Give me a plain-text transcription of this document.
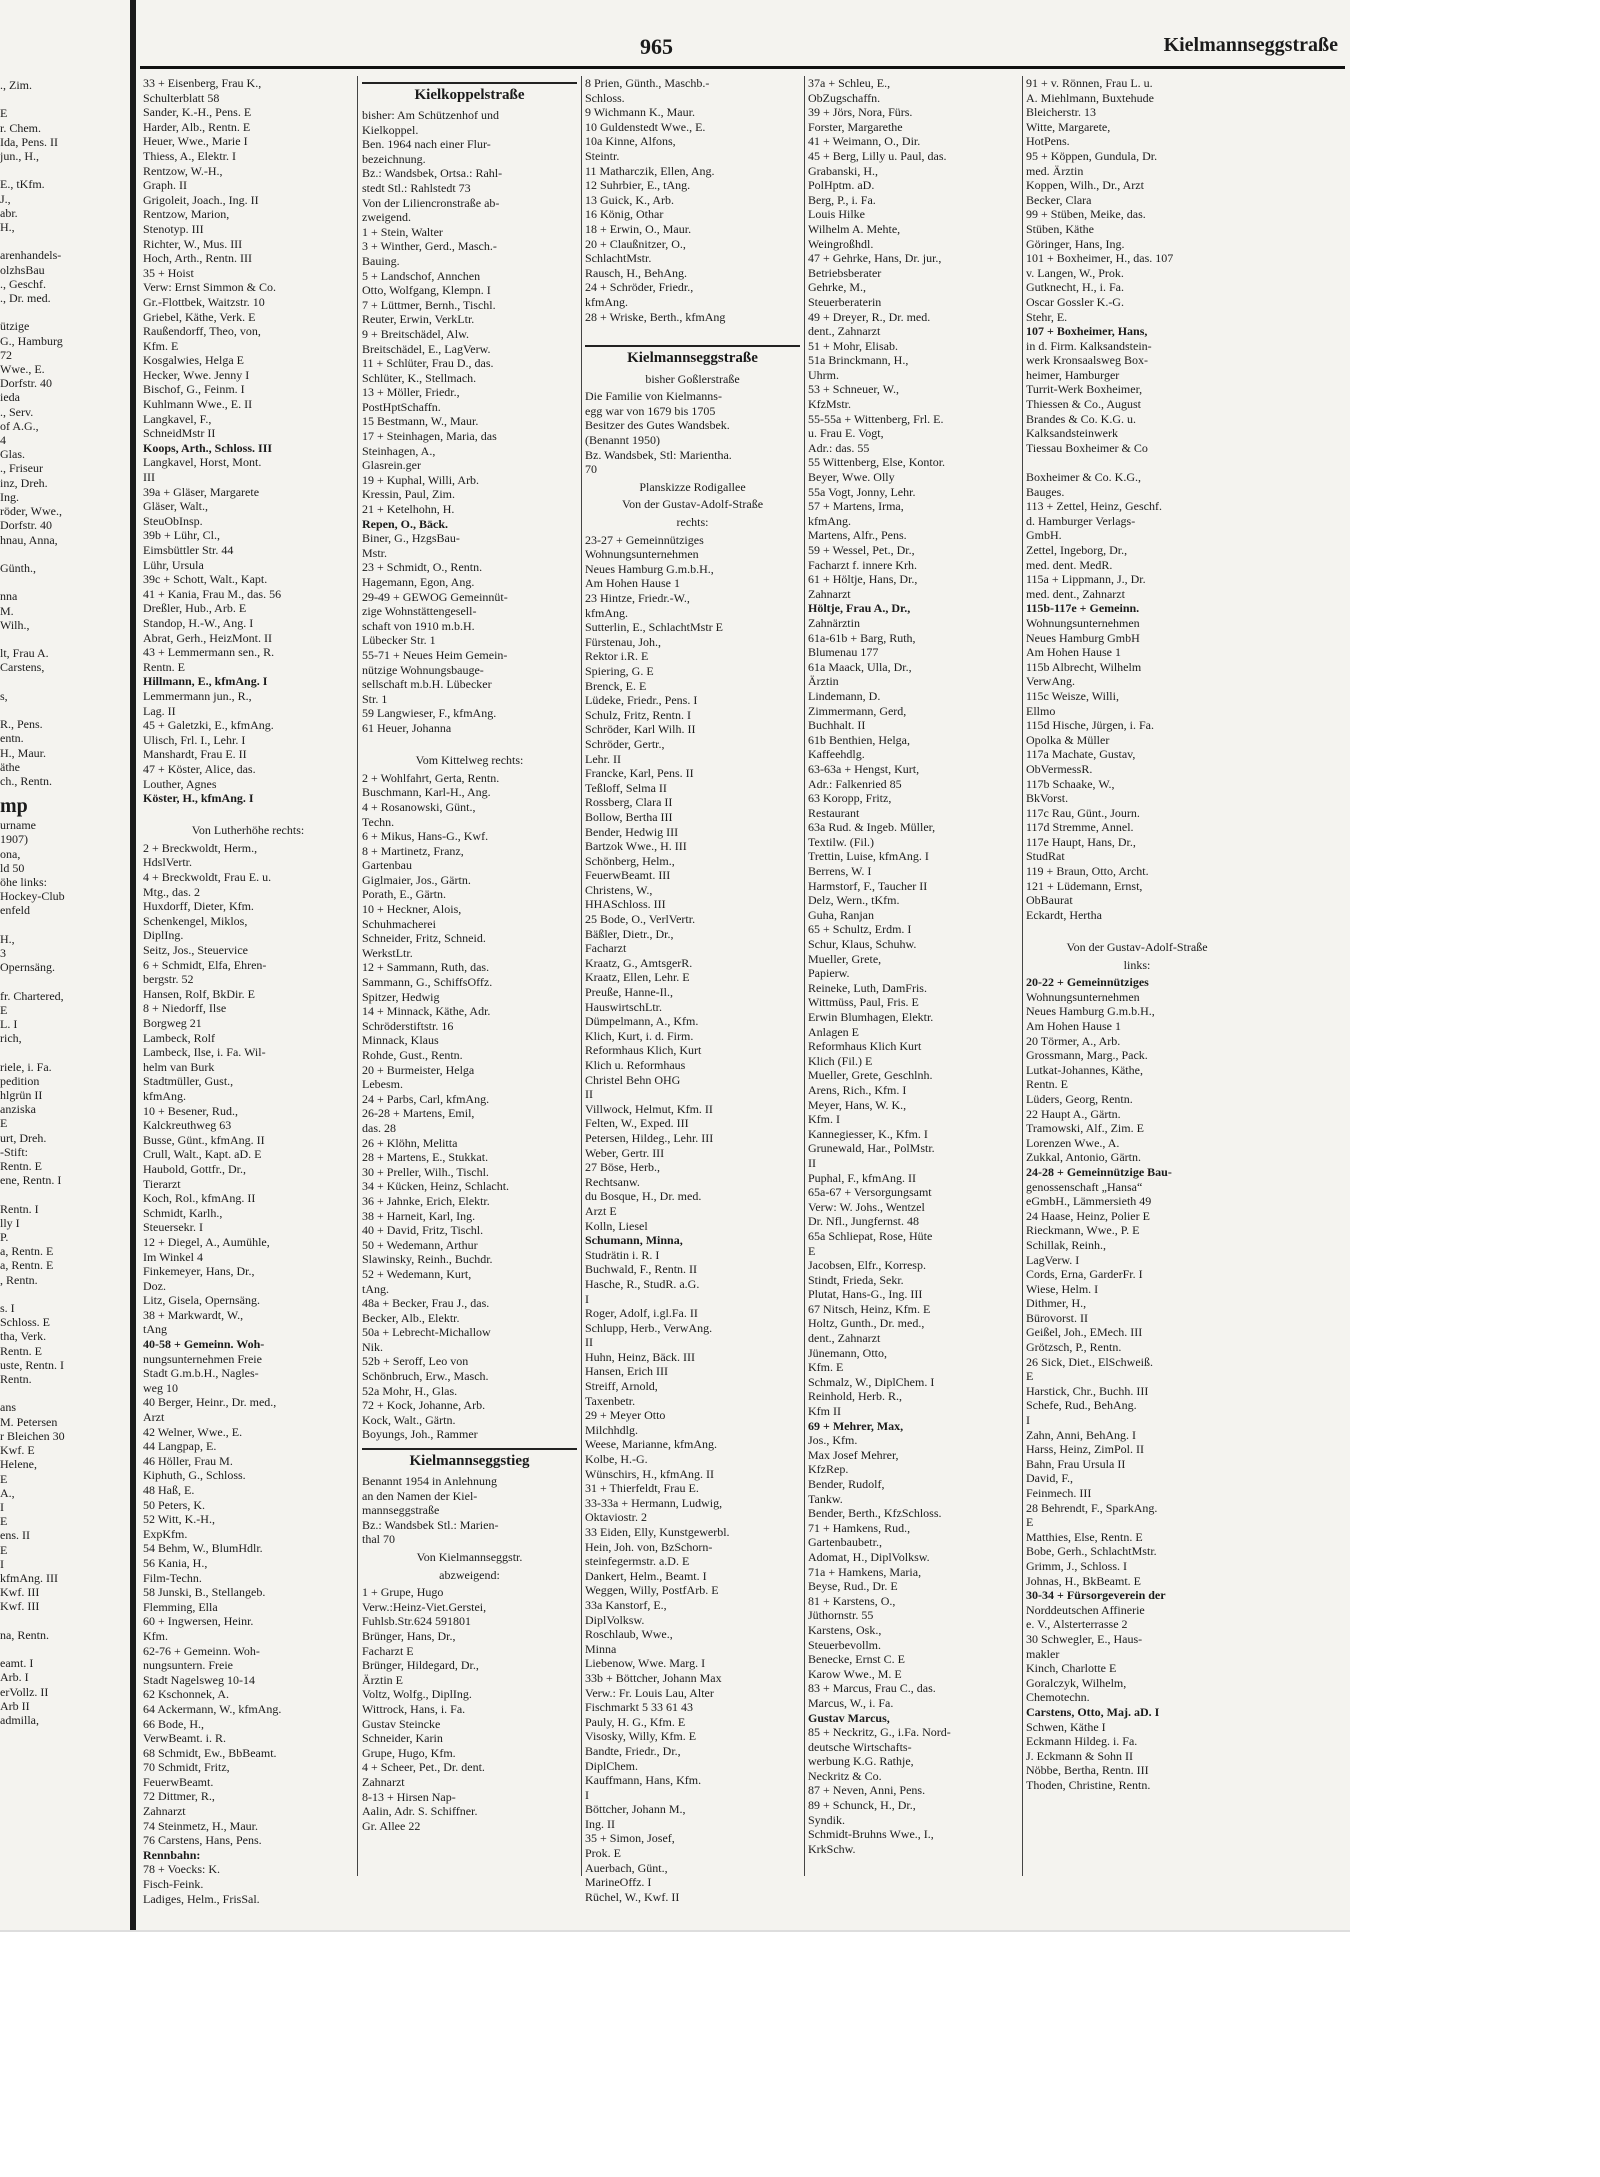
., Zim.

E
r. Chem.
Ida, Pens. II
jun., H.,

E., tKfm.
J.,
abr.
H.,

arenhandels-
olzhsBau
., Geschf.
., Dr. med.

ützige
G., Hamburg
72
Wwe., E.
Dorfstr. 40
ieda
., Serv.
of A.G.,
4
Glas.
., Friseur
inz, Dreh.
Ing.
röder, Wwe.,
Dorfstr. 40
hnau, Anna,

Günth.,

nna
M.
Wilh.,

lt, Frau A.
Carstens,

s,

R., Pens.
entn.
H., Maur.
äthe
ch., Rentn.
mp
urname
1907)
ona,
ld 50
öhe links:
Hockey-Club
enfeld

H.,
3
Opernsäng.

fr. Chartered,
E
L. I
rich,

riele, i. Fa.
pedition
hlgrün II
anziska
E
urt, Dreh.
-Stift:
Rentn. E
ene, Rentn. I

Rentn. I
lly I
P.
a, Rentn. E
a, Rentn. E
, Rentn.

s. I
Schloss. E
tha, Verk.
Rentn. E
uste, Rentn. I
Rentn.

ans
M. Petersen
r Bleichen 30
Kwf. E
Helene,
E
A.,
I
E
ens. II
E
I
kfmAng. III
Kwf. III
Kwf. III

na, Rentn.

eamt. I
Arb. I
erVollz. II
Arb II
admilla,
965	Kielmannseggstraße
33 + Eisenberg, Frau K.,
Schulterblatt 58
Sander, K.-H., Pens. E
Harder, Alb., Rentn. E
Heuer, Wwe., Marie I
Thiess, A., Elektr. I
Rentzow, W.-H.,
Graph. II
Grigoleit, Joach., Ing. II
Rentzow, Marion,
Stenotyp. III
Richter, W., Mus. III
Hoch, Arth., Rentn. III
35 + Hoist
Verw: Ernst Simmon & Co.
Gr.-Flottbek, Waitzstr. 10
Griebel, Käthe, Verk. E
Raußendorff, Theo, von,
Kfm. E
Kosgalwies, Helga E
Hecker, Wwe. Jenny I
Bischof, G., Feinm. I
Kuhlmann Wwe., E. II
Langkavel, F.,
SchneidMstr II
Koops, Arth., Schloss. III
Langkavel, Horst, Mont.
III
39a + Gläser, Margarete
Gläser, Walt.,
SteuObInsp.
39b + Lühr, Cl.,
Eimsbüttler Str. 44
Lühr, Ursula
39c + Schott, Walt., Kapt.
41 + Kania, Frau M., das. 56
Dreßler, Hub., Arb. E
Standop, H.-W., Ang. I
Abrat, Gerh., HeizMont. II
43 + Lemmermann sen., R.
Rentn. E
Hillmann, E., kfmAng. I
Lemmermann jun., R.,
Lag. II
45 + Galetzki, E., kfmAng.
Ulisch, Frl. I., Lehr. I
Manshardt, Frau E. II
47 + Köster, Alice, das.
Louther, Agnes
Köster, H., kfmAng. I

Von Lutherhöhe rechts:
2 + Breckwoldt, Herm.,
HdslVertr.
4 + Breckwoldt, Frau E. u.
Mtg., das. 2
Huxdorff, Dieter, Kfm.
Schenkengel, Miklos,
DiplIng.
Seitz, Jos., Steuervice
6 + Schmidt, Elfa, Ehren-
bergstr. 52
Hansen, Rolf, BkDir. E
8 + Niedorff, Ilse
Borgweg 21
Lambeck, Rolf
Lambeck, Ilse, i. Fa. Wil-
helm van Burk
Stadtmüller, Gust.,
kfmAng.
10 + Besener, Rud.,
Kalckreuthweg 63
Busse, Günt., kfmAng. II
Crull, Walt., Kapt. aD. E
Haubold, Gottfr., Dr.,
Tierarzt
Koch, Rol., kfmAng. II
Schmidt, Karlh.,
Steuersekr. I
12 + Diegel, A., Aumühle,
Im Winkel 4
Finkemeyer, Hans, Dr.,
Doz.
Litz, Gisela, Opernsäng.
38 + Markwardt, W.,
tAng
40-58 + Gemeinn. Woh-
nungsunternehmen Freie
Stadt G.m.b.H., Nagles-
weg 10
40 Berger, Heinr., Dr. med.,
Arzt
42 Welner, Wwe., E.
44 Langpap, E.
46 Höller, Frau M.
Kiphuth, G., Schloss.
48 Haß, E.
50 Peters, K.
52 Witt, K.-H.,
ExpKfm.
54 Behm, W., BlumHdlr.
56 Kania, H.,
Film-Techn.
58 Junski, B., Stellangeb.
Flemming, Ella
60 + Ingwersen, Heinr.
Kfm.
62-76 + Gemeinn. Woh-
nungsuntern. Freie
Stadt Nagelsweg 10-14
62 Kschonnek, A.
64 Ackermann, W., kfmAng.
66 Bode, H.,
VerwBeamt. i. R.
68 Schmidt, Ew., BbBeamt.
70 Schmidt, Fritz,
FeuerwBeamt.
72 Dittmer, R.,
Zahnarzt
74 Steinmetz, H., Maur.
76 Carstens, Hans, Pens.
Rennbahn:
78 + Voecks: K.
Fisch-Feink.
Ladiges, Helm., FrisSal.
Kielkoppelstraße
bisher: Am Schützenhof und
Kielkoppel.
Ben. 1964 nach einer Flur-
bezeichnung.
Bz.: Wandsbek, Ortsa.: Rahl-
stedt Stl.: Rahlstedt 73
Von der Liliencronstraße ab-
zweigend.
1 + Stein, Walter
3 + Winther, Gerd., Masch.-
Bauing.
5 + Landschof, Annchen
Otto, Wolfgang, Klempn. I
7 + Lüttmer, Bernh., Tischl.
Reuter, Erwin, VerkLtr.
9 + Breitschädel, Alw.
Breitschädel, E., LagVerw.
11 + Schlüter, Frau D., das.
Schlüter, K., Stellmach.
13 + Möller, Friedr.,
PostHptSchaffn.
15 Bestmann, W., Maur.
17 + Steinhagen, Maria, das
Steinhagen, A.,
Glasrein.ger
19 + Kuphal, Willi, Arb.
Kressin, Paul, Zim.
21 + Ketelhohn, H.
Repen, O., Bäck.
Biner, G., HzgsBau-
Mstr.
23 + Schmidt, O., Rentn.
Hagemann, Egon, Ang.
29-49 + GEWOG Gemeinnüt-
zige Wohnstättengesell-
schaft von 1910 m.b.H.
Lübecker Str. 1
55-71 + Neues Heim Gemein-
nützige Wohnungsbauge-
sellschaft m.b.H. Lübecker
Str. 1
59 Langwieser, F., kfmAng.
61 Heuer, Johanna

Vom Kittelweg rechts:
2 + Wohlfahrt, Gerta, Rentn.
Buschmann, Karl-H., Ang.
4 + Rosanowski, Günt.,
Techn.
6 + Mikus, Hans-G., Kwf.
8 + Martinetz, Franz,
Gartenbau
Giglmaier, Jos., Gärtn.
Porath, E., Gärtn.
10 + Heckner, Alois,
Schuhmacherei
Schneider, Fritz, Schneid.
WerkstLtr.
12 + Sammann, Ruth, das.
Sammann, G., SchiffsOffz.
Spitzer, Hedwig
14 + Minnack, Käthe, Adr.
Schröderstiftstr. 16
Minnack, Klaus
Rohde, Gust., Rentn.
20 + Burmeister, Helga
Lebesm.
24 + Parbs, Carl, kfmAng.
26-28 + Martens, Emil,
das. 28
26 + Klöhn, Melitta
28 + Martens, E., Stukkat.
30 + Preller, Wilh., Tischl.
34 + Kücken, Heinz, Schlacht.
36 + Jahnke, Erich, Elektr.
38 + Harneit, Karl, Ing.
40 + David, Fritz, Tischl.
50 + Wedemann, Arthur
Slawinsky, Reinh., Buchdr.
52 + Wedemann, Kurt,
tAng.
48a + Becker, Frau J., das.
Becker, Alb., Elektr.
50a + Lebrecht-Michallow
Nik.
52b + Seroff, Leo von
Schönbruch, Erw., Masch.
52a Mohr, H., Glas.
72 + Kock, Johanne, Arb.
Kock, Walt., Gärtn.
Boyungs, Joh., Rammer
Kielmannseggstieg
Benannt 1954 in Anlehnung
an den Namen der Kiel-
mannseggstraße
Bz.: Wandsbek Stl.: Marien-
thal 70
Von Kielmannseggstr.
abzweigend:
1 + Grupe, Hugo
Verw.:Heinz-Viet.Gerstei,
Fuhlsb.Str.624 591801
Brünger, Hans, Dr.,
Facharzt E
Brünger, Hildegard, Dr.,
Ärztin E
Voltz, Wolfg., DiplIng.
Wittrock, Hans, i. Fa.
Gustav Steincke
Schneider, Karin
Grupe, Hugo, Kfm.
4 + Scheer, Pet., Dr. dent.
Zahnarzt
8-13 + Hirsen Nap-
Aalin, Adr. S. Schiffner.
Gr. Allee 22
8 Prien, Günth., Maschb.-
Schloss.
9 Wichmann K., Maur.
10 Guldenstedt Wwe., E.
10a Kinne, Alfons,
Steintr.
11 Matharczik, Ellen, Ang.
12 Suhrbier, E., tAng.
13 Guick, K., Arb.
16 König, Othar
18 + Erwin, O., Maur.
20 + Claußnitzer, O.,
SchlachtMstr.
Rausch, H., BehAng.
24 + Schröder, Friedr.,
kfmAng.
28 + Wriske, Berth., kfmAng

Kielmannseggstraße
bisher Goßlerstraße
Die Familie von Kielmanns-
egg war von 1679 bis 1705
Besitzer des Gutes Wandsbek.
(Benannt 1950)
Bz. Wandsbek, Stl: Marientha.
70
Planskizze Rodigallee
Von der Gustav-Adolf-Straße
rechts:
23-27 + Gemeinnütziges
Wohnungsunternehmen
Neues Hamburg G.m.b.H.,
Am Hohen Hause 1
23 Hintze, Friedr.-W.,
kfmAng.
Sutterlin, E., SchlachtMstr E
Fürstenau, Joh.,
Rektor i.R. E
Spiering, G. E
Brenck, E. E
Lüdeke, Friedr., Pens. I
Schulz, Fritz, Rentn. I
Schröder, Karl Wilh. II
Schröder, Gertr.,
Lehr. II
Francke, Karl, Pens. II
Teßloff, Selma II
Rossberg, Clara II
Bollow, Bertha III
Bender, Hedwig III
Bartzok Wwe., H. III
Schönberg, Helm.,
FeuerwBeamt. III
Christens, W.,
HHASchloss. III
25 Bode, O., VerlVertr.
Bäßler, Dietr., Dr.,
Facharzt
Kraatz, G., AmtsgerR.
Kraatz, Ellen, Lehr. E
Preuße, Hanne-Il.,
HauswirtschLtr.
Dümpelmann, A., Kfm.
Klich, Kurt, i. d. Firm.
Reformhaus Klich, Kurt
Klich u. Reformhaus
Christel Behn OHG
II
Villwock, Helmut, Kfm. II
Felten, W., Exped. III
Petersen, Hildeg., Lehr. III
Weber, Gertr. III
27 Böse, Herb.,
Rechtsanw.
du Bosque, H., Dr. med.
Arzt E
Kolln, Liesel
Schumann, Minna,
Studrätin i. R. I
Buchwald, F., Rentn. II
Hasche, R., StudR. a.G.
I
Roger, Adolf, i.gl.Fa. II
Schlupp, Herb., VerwAng.
II
Huhn, Heinz, Bäck. III
Hansen, Erich III
Streiff, Arnold,
Taxenbetr.
29 + Meyer Otto
Milchhdlg.
Weese, Marianne, kfmAng.
Kolbe, H.-G.
Wünschirs, H., kfmAng. II
31 + Thierfeldt, Frau E.
33-33a + Hermann, Ludwig,
Oktaviostr. 2
33 Eiden, Elly, Kunstgewerbl.
Hein, Joh. von, BzSchorn-
steinfegermstr. a.D. E
Dankert, Helm., Beamt. I
Weggen, Willy, PostfArb. E
33a Kanstorf, E.,
DiplVolksw.
Roschlaub, Wwe.,
Minna
Liebenow, Wwe. Marg. I
33b + Böttcher, Johann Max
Verw.: Fr. Louis Lau, Alter
Fischmarkt 5 33 61 43
Pauly, H. G., Kfm. E
Visosky, Willy, Kfm. E
Bandte, Friedr., Dr.,
DiplChem.
Kauffmann, Hans, Kfm.
I
Böttcher, Johann M.,
Ing. II
35 + Simon, Josef,
Prok. E
Auerbach, Günt.,
MarineOffz. I
Rüchel, W., Kwf. II
37a + Schleu, E.,
ObZugschaffn.
39 + Jörs, Nora, Fürs.
Forster, Margarethe
41 + Weimann, O., Dir.
45 + Berg, Lilly u. Paul, das.
Grabanski, H.,
PolHptm. aD.
Berg, P., i. Fa.
Louis Hilke
Wilhelm A. Mehte,
Weingroßhdl.
47 + Gehrke, Hans, Dr. jur.,
Betriebsberater
Gehrke, M.,
Steuerberaterin
49 + Dreyer, R., Dr. med.
dent., Zahnarzt
51 + Mohr, Elisab.
51a Brinckmann, H.,
Uhrm.
53 + Schneuer, W.,
KfzMstr.
55-55a + Wittenberg, Frl. E.
u. Frau E. Vogt,
Adr.: das. 55
55 Wittenberg, Else, Kontor.
Beyer, Wwe. Olly
55a Vogt, Jonny, Lehr.
57 + Martens, Irma,
kfmAng.
Martens, Alfr., Pens.
59 + Wessel, Pet., Dr.,
Facharzt f. innere Krh.
61 + Höltje, Hans, Dr.,
Zahnarzt
Höltje, Frau A., Dr.,
Zahnärztin
61a-61b + Barg, Ruth,
Blumenau 177
61a Maack, Ulla, Dr.,
Ärztin
Lindemann, D.
Zimmermann, Gerd,
Buchhalt. II
61b Benthien, Helga,
Kaffeehdlg.
63-63a + Hengst, Kurt,
Adr.: Falkenried 85
63 Koropp, Fritz,
Restaurant
63a Rud. & Ingeb. Müller,
Textilw. (Fil.)
Trettin, Luise, kfmAng. I
Berrens, W. I
Harmstorf, F., Taucher II
Delz, Wern., tKfm.
Guha, Ranjan
65 + Schultz, Erdm. I
Schur, Klaus, Schuhw.
Mueller, Grete,
Papierw.
Reineke, Luth, DamFris.
Wittmüss, Paul, Fris. E
Erwin Blumhagen, Elektr.
Anlagen E
Reformhaus Klich Kurt
Klich (Fil.) E
Mueller, Grete, Geschlnh.
Arens, Rich., Kfm. I
Meyer, Hans, W. K.,
Kfm. I
Kannegiesser, K., Kfm. I
Grunewald, Har., PolMstr.
II
Puphal, F., kfmAng. II
65a-67 + Versorgungsamt
Verw: W. Johs., Wentzel
Dr. Nfl., Jungfernst. 48
65a Schliepat, Rose, Hüte
E
Jacobsen, Elfr., Korresp.
Stindt, Frieda, Sekr.
Plutat, Hans-G., Ing. III
67 Nitsch, Heinz, Kfm. E
Holtz, Gunth., Dr. med.,
dent., Zahnarzt
Jünemann, Otto,
Kfm. E
Schmalz, W., DiplChem. I
Reinhold, Herb. R.,
Kfm II
69 + Mehrer, Max,
Jos., Kfm.
Max Josef Mehrer,
KfzRep.
Bender, Rudolf,
Tankw.
Bender, Berth., KfzSchloss.
71 + Hamkens, Rud.,
Gartenbaubetr.,
Adomat, H., DiplVolksw.
71a + Hamkens, Maria,
Beyse, Rud., Dr. E
81 + Karstens, O.,
Jüthornstr. 55
Karstens, Osk.,
Steuerbevollm.
Benecke, Ernst C. E
Karow Wwe., M. E
83 + Marcus, Frau C., das.
Marcus, W., i. Fa.
Gustav Marcus,
85 + Neckritz, G., i.Fa. Nord-
deutsche Wirtschafts-
werbung K.G. Rathje,
Neckritz & Co.
87 + Neven, Anni, Pens.
89 + Schunck, H., Dr.,
Syndik.
Schmidt-Bruhns Wwe., I.,
KrkSchw.
91 + v. Rönnen, Frau L. u.
A. Miehlmann, Buxtehude
Bleicherstr. 13
Witte, Margarete,
HotPens.
95 + Köppen, Gundula, Dr.
med. Ärztin
Koppen, Wilh., Dr., Arzt
Becker, Clara
99 + Stüben, Meike, das.
Stüben, Käthe
Göringer, Hans, Ing.
101 + Boxheimer, H., das. 107
v. Langen, W., Prok.
Gutknecht, H., i. Fa.
Oscar Gossler K.-G.
Stehr, E.
107 + Boxheimer, Hans,
in d. Firm. Kalksandstein-
werk Kronsaalsweg Box-
heimer, Hamburger
Turrit-Werk Boxheimer,
Thiessen & Co., August
Brandes & Co. K.G. u.
Kalksandsteinwerk
Tiessau Boxheimer & Co

Boxheimer & Co. K.G.,
Bauges.
113 + Zettel, Heinz, Geschf.
d. Hamburger Verlags-
GmbH.
Zettel, Ingeborg, Dr.,
med. dent. MedR.
115a + Lippmann, J., Dr.
med. dent., Zahnarzt
115b-117e + Gemeinn.
Wohnungsunternehmen
Neues Hamburg GmbH
Am Hohen Hause 1
115b Albrecht, Wilhelm
VerwAng.
115c Weisze, Willi,
Ellmo
115d Hische, Jürgen, i. Fa.
Opolka & Müller
117a Machate, Gustav,
ObVermessR.
117b Schaake, W.,
BkVorst.
117c Rau, Günt., Journ.
117d Stremme, Annel.
117e Haupt, Hans, Dr.,
StudRat
119 + Braun, Otto, Archt.
121 + Lüdemann, Ernst,
ObBaurat
Eckardt, Hertha

Von der Gustav-Adolf-Straße
links:
20-22 + Gemeinnütziges
Wohnungsunternehmen
Neues Hamburg G.m.b.H.,
Am Hohen Hause 1
20 Törmer, A., Arb.
Grossmann, Marg., Pack.
Lutkat-Johannes, Käthe,
Rentn. E
Lüders, Georg, Rentn.
22 Haupt A., Gärtn.
Tramowski, Alf., Zim. E
Lorenzen Wwe., A.
Zukkal, Antonio, Gärtn.
24-28 + Gemeinnützige Bau-
genossenschaft „Hansa“
eGmbH., Lämmersieth 49
24 Haase, Heinz, Polier E
Rieckmann, Wwe., P. E
Schillak, Reinh.,
LagVerw. I
Cords, Erna, GarderFr. I
Wiese, Helm. I
Dithmer, H.,
Bürovorst. II
Geißel, Joh., EMech. III
Grötzsch, P., Rentn.
26 Sick, Diet., ElSchweiß.
E
Harstick, Chr., Buchh. III
Schefe, Rud., BehAng.
I
Zahn, Anni, BehAng. I
Harss, Heinz, ZimPol. II
Bahn, Frau Ursula II
David, F.,
Feinmech. III
28 Behrendt, F., SparkAng.
E
Matthies, Else, Rentn. E
Bobe, Gerh., SchlachtMstr.
Grimm, J., Schloss. I
Johnas, H., BkBeamt. E
30-34 + Fürsorgeverein der
Norddeutschen Affinerie
e. V., Alsterterrasse 2
30 Schwegler, E., Haus-
makler
Kinch, Charlotte E
Goralczyk, Wilhelm,
Chemotechn.
Carstens, Otto, Maj. aD. I
Schwen, Käthe I
Eckmann Hildeg. i. Fa.
J. Eckmann & Sohn II
Nöbbe, Bertha, Rentn. III
Thoden, Christine, Rentn.
